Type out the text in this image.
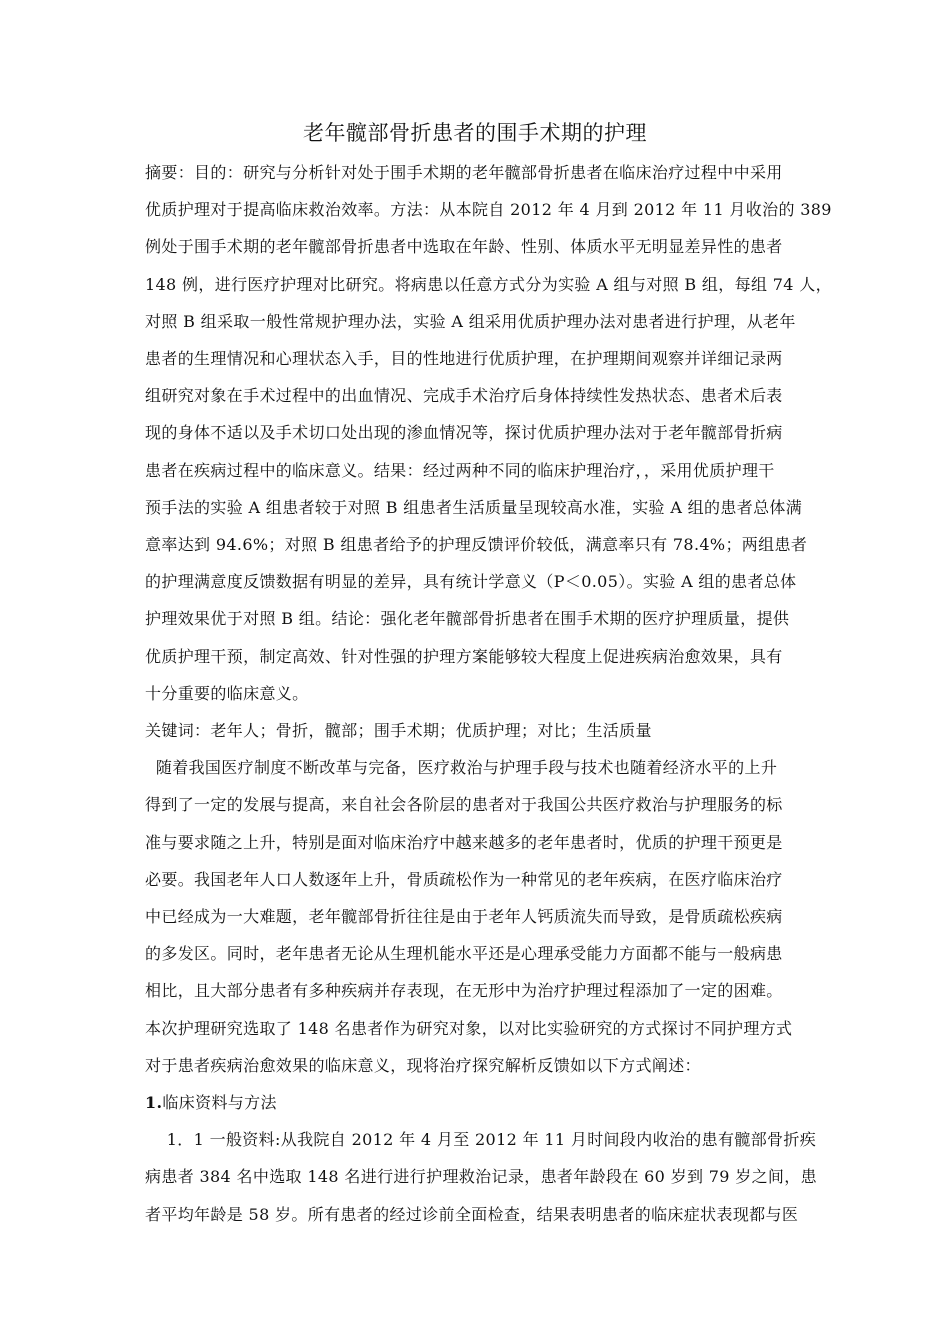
老年髋部骨折患者的围手术期的护理
摘要：目的：研究与分析针对处于围手术期的老年髋部骨折患者在临床治疗过程中中采用
优质护理对于提高临床救治效率。方法：从本院自 2012 年 4 月到 2012 年 11 月收治的 389
例处于围手术期的老年髋部骨折患者中选取在年龄、性别、体质水平无明显差异性的患者
148 例，进行医疗护理对比研究。将病患以任意方式分为实验 A 组与对照 B 组，每组 74 人，
对照 B 组采取一般性常规护理办法，实验 A 组采用优质护理办法对患者进行护理，从老年
患者的生理情况和心理状态入手，目的性地进行优质护理，在护理期间观察并详细记录两
组研究对象在手术过程中的出血情况、完成手术治疗后身体持续性发热状态、患者术后表
现的身体不适以及手术切口处出现的渗血情况等，探讨优质护理办法对于老年髋部骨折病
患者在疾病过程中的临床意义。结果：经过两种不同的临床护理治疗，，采用优质护理干
预手法的实验 A 组患者较于对照 B 组患者生活质量呈现较高水准，实验 A 组的患者总体满
意率达到 94.6%；对照 B 组患者给予的护理反馈评价较低，满意率只有 78.4%；两组患者
的护理满意度反馈数据有明显的差异，具有统计学意义（P＜0.05）。实验 A 组的患者总体
护理效果优于对照 B 组。结论：强化老年髋部骨折患者在围手术期的医疗护理质量，提供
优质护理干预，制定高效、针对性强的护理方案能够较大程度上促进疾病治愈效果，具有
十分重要的临床意义。
关键词：老年人；骨折，髋部；围手术期；优质护理；对比；生活质量
随着我国医疗制度不断改革与完备，医疗救治与护理手段与技术也随着经济水平的上升
得到了一定的发展与提高，来自社会各阶层的患者对于我国公共医疗救治与护理服务的标
准与要求随之上升，特别是面对临床治疗中越来越多的老年患者时，优质的护理干预更是
必要。我国老年人口人数逐年上升，骨质疏松作为一种常见的老年疾病，在医疗临床治疗
中已经成为一大难题，老年髋部骨折往往是由于老年人钙质流失而导致，是骨质疏松疾病
的多发区。同时，老年患者无论从生理机能水平还是心理承受能力方面都不能与一般病患
相比，且大部分患者有多种疾病并存表现，在无形中为治疗护理过程添加了一定的困难。
本次护理研究选取了 148 名患者作为研究对象，以对比实验研究的方式探讨不同护理方式
对于患者疾病治愈效果的临床意义，现将治疗探究解析反馈如以下方式阐述：
1.临床资料与方法
1．1 一般资料:从我院自 2012 年 4 月至 2012 年 11 月时间段内收治的患有髋部骨折疾
病患者 384 名中选取 148 名进行进行护理救治记录，患者年龄段在 60 岁到 79 岁之间，患
者平均年龄是 58 岁。所有患者的经过诊前全面检查，结果表明患者的临床症状表现都与医
